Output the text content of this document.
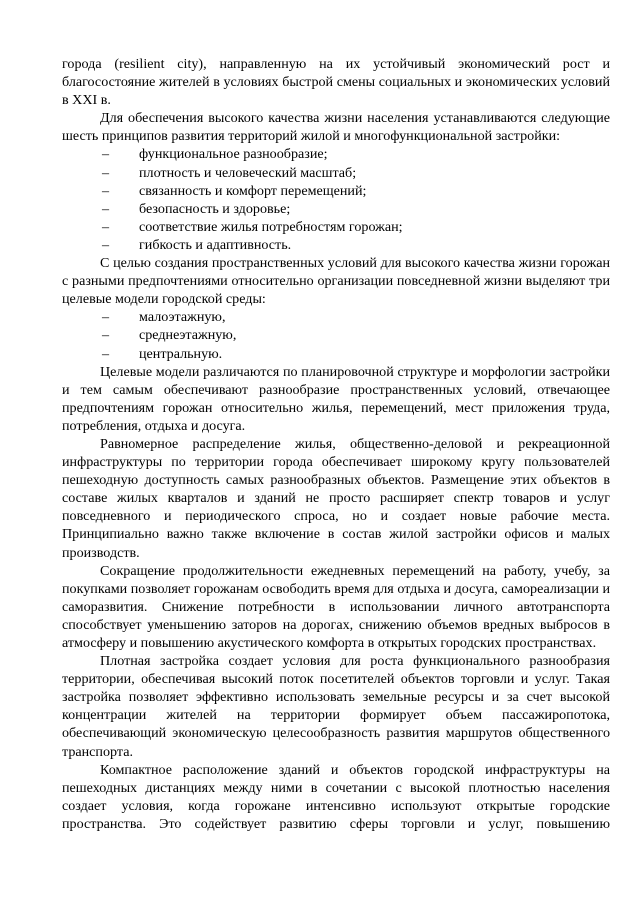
города (resilient city), направленную на их устойчивый экономический рост и благосостояние жителей в условиях быстрой смены социальных и экономических условий в XXI в.

Для обеспечения высокого качества жизни населения устанавливаются следующие шесть принципов развития территорий жилой и многофункциональной застройки:

– функциональное разнообразие;
– плотность и человеческий масштаб;
– связанность и комфорт перемещений;
– безопасность и здоровье;
– соответствие жилья потребностям горожан;
– гибкость и адаптивность.

С целью создания пространственных условий для высокого качества жизни горожан с разными предпочтениями относительно организации повседневной жизни выделяют три целевые модели городской среды:

– малоэтажную,
– среднеэтажную,
– центральную.

Целевые модели различаются по планировочной структуре и морфологии застройки и тем самым обеспечивают разнообразие пространственных условий, отвечающее предпочтениям горожан относительно жилья, перемещений, мест приложения труда, потребления, отдыха и досуга.

Равномерное распределение жилья, общественно-деловой и рекреационной инфраструктуры по территории города обеспечивает широкому кругу пользователей пешеходную доступность самых разнообразных объектов. Размещение этих объектов в составе жилых кварталов и зданий не просто расширяет спектр товаров и услуг повседневного и периодического спроса, но и создает новые рабочие места. Принципиально важно также включение в состав жилой застройки офисов и малых производств.

Сокращение продолжительности ежедневных перемещений на работу, учебу, за покупками позволяет горожанам освободить время для отдыха и досуга, самореализации и саморазвития. Снижение потребности в использовании личного автотранспорта способствует уменьшению заторов на дорогах, снижению объемов вредных выбросов в атмосферу и повышению акустического комфорта в открытых городских пространствах.

Плотная застройка создает условия для роста функционального разнообразия территории, обеспечивая высокий поток посетителей объектов торговли и услуг. Такая застройка позволяет эффективно использовать земельные ресурсы и за счет высокой концентрации жителей на территории формирует объем пассажиропотока, обеспечивающий экономическую целесообразность развития маршрутов общественного транспорта.

Компактное расположение зданий и объектов городской инфраструктуры на пешеходных дистанциях между ними в сочетании с высокой плотностью населения создает условия, когда горожане интенсивно используют открытые городские пространства. Это содействует развитию сферы торговли и услуг, повышению
